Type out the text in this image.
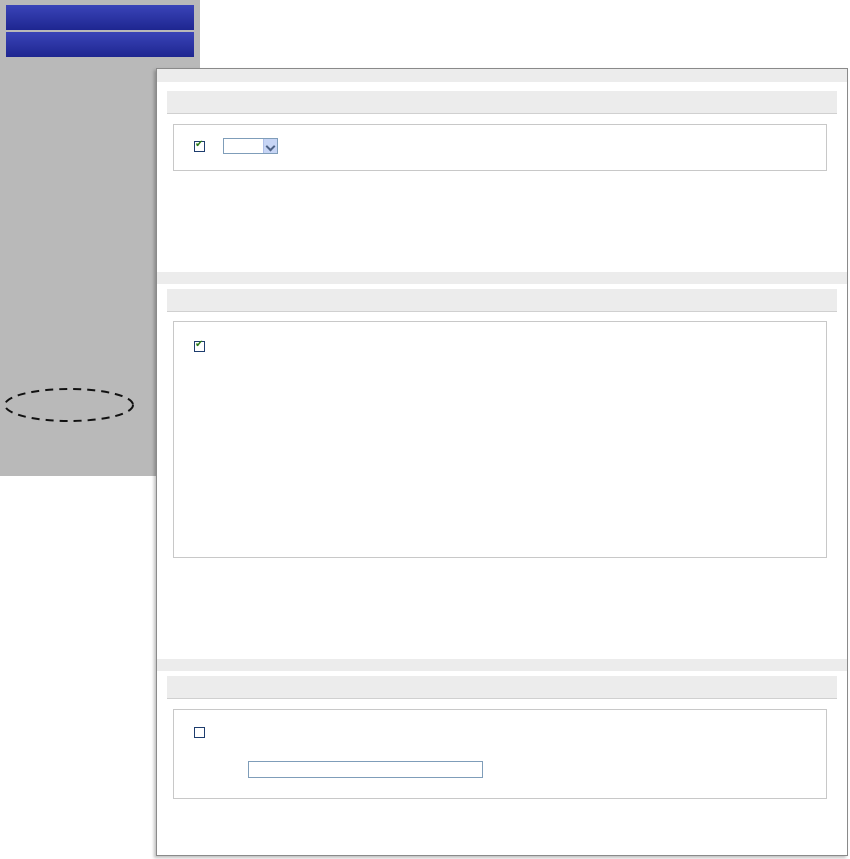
✔
✔
